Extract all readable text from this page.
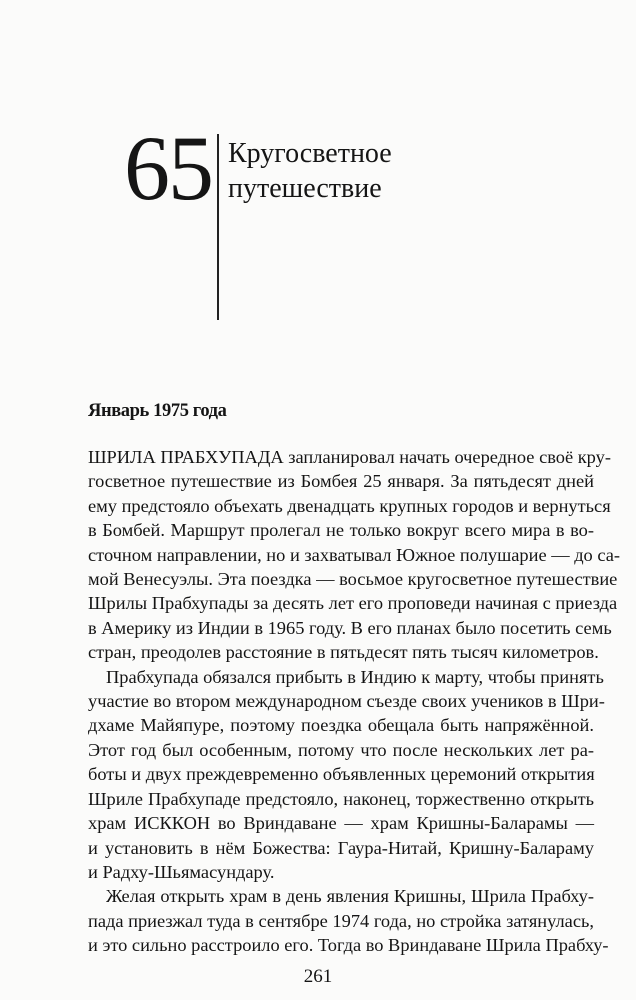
65 Кругосветное
путешествие
Январь 1975 года
ШРИЛА ПРАБХУПАДА запланировал начать очередное своё кру-
госветное путешествие из Бомбея 25 января. За пятьдесят дней
ему предстояло объехать двенадцать крупных городов и вернуться
в Бомбей. Маршрут пролегал не только вокруг всего мира в во-
сточном направлении, но и захватывал Южное полушарие — до са-
мой Венесуэлы. Эта поездка — восьмое кругосветное путешествие
Шрилы Прабхупады за десять лет его проповеди начиная с приезда
в Америку из Индии в 1965 году. В его планах было посетить семь
стран, преодолев расстояние в пятьдесят пять тысяч километров.
Прабхупада обязался прибыть в Индию к марту, чтобы принять
участие во втором международном съезде своих учеников в Шри-
дхаме Майяпуре, поэтому поездка обещала быть напряжённой.
Этот год был особенным, потому что после нескольких лет ра-
боты и двух преждевременно объявленных церемоний открытия
Шриле Прабхупаде предстояло, наконец, торжественно открыть
храм ИСККОН во Вриндаване — храм Кришны-Баларамы —
и установить в нём Божества: Гаура-Нитай, Кришну-Балараму
и Радху-Шьямасундару.
Желая открыть храм в день явления Кришны, Шрила Прабху-
пада приезжал туда в сентябре 1974 года, но стройка затянулась,
и это сильно расстроило его. Тогда во Вриндаване Шрила Прабху-
261
